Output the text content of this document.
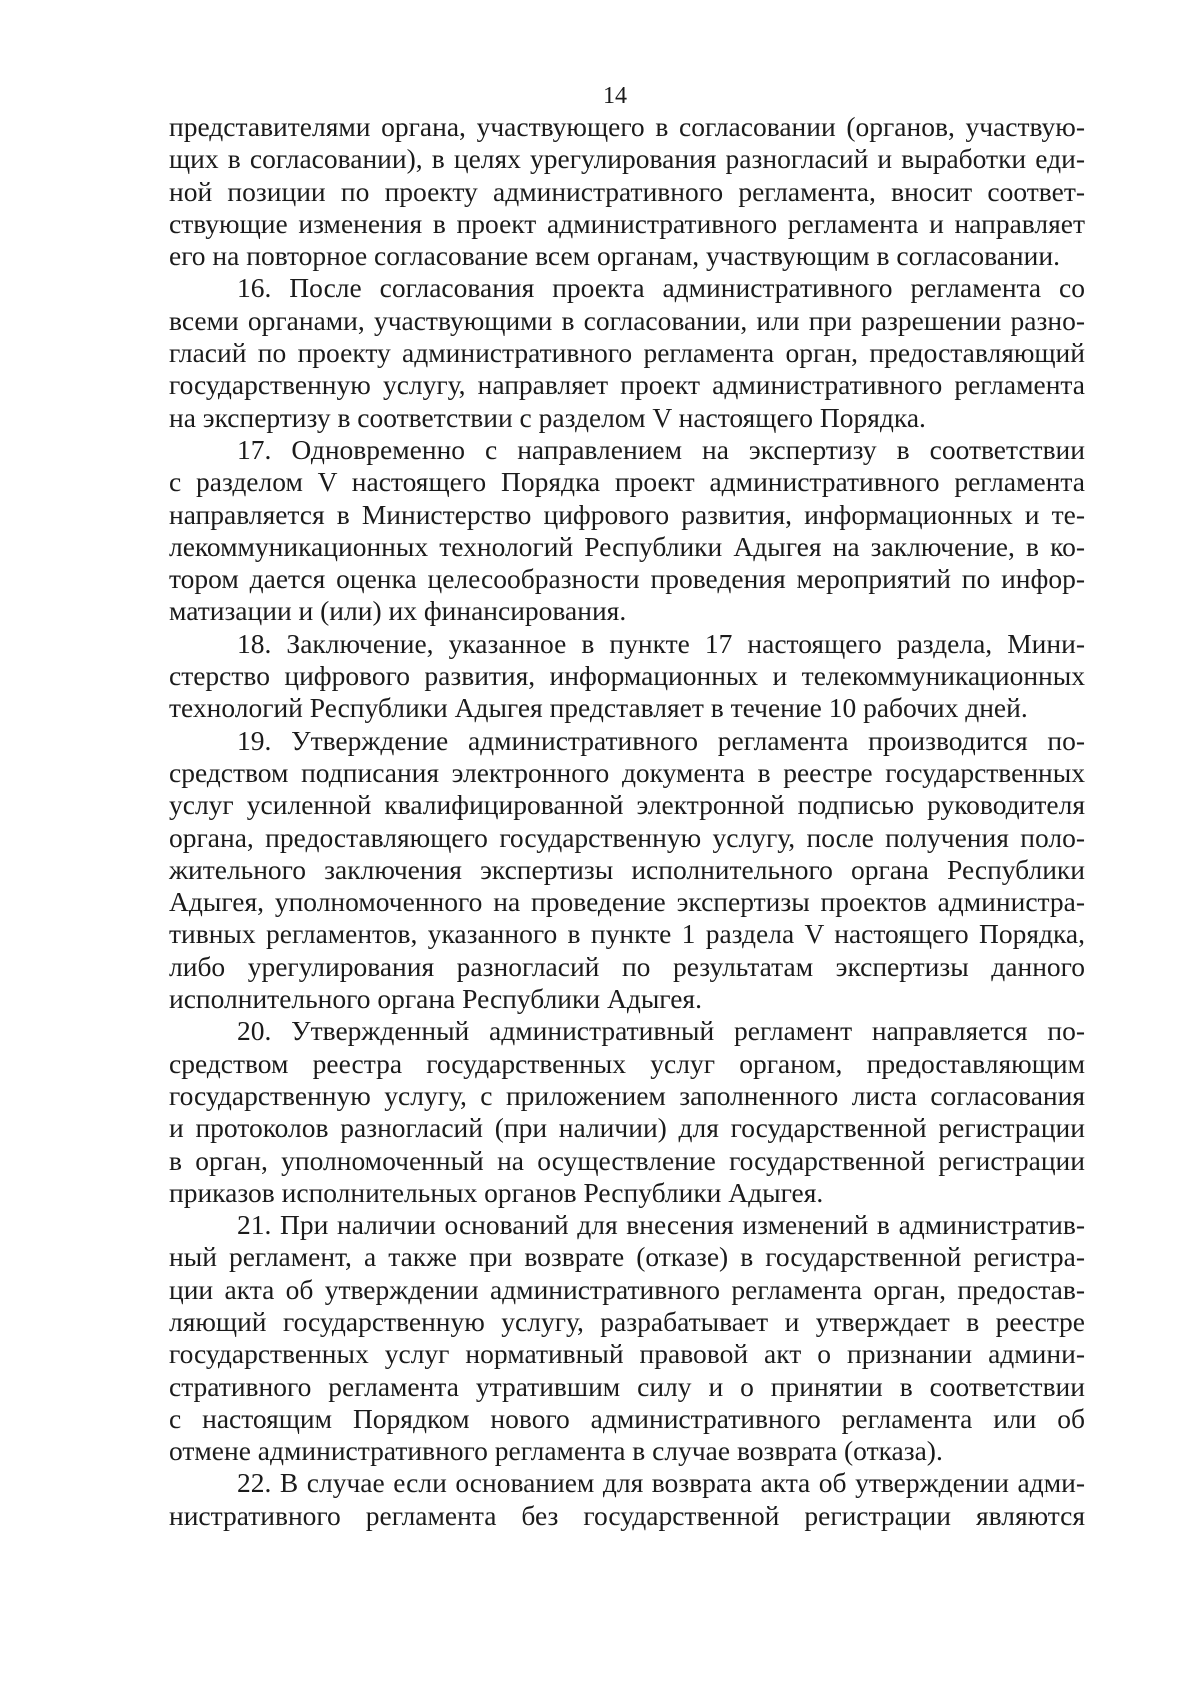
14
представителями органа, участвующего в согласовании (органов, участвую-
щих в согласовании), в целях урегулирования разногласий и выработки еди-
ной позиции по проекту административного регламента, вносит соответ-
ствующие изменения в проект административного регламента и направляет
его на повторное согласование всем органам, участвующим в согласовании.
16. После согласования проекта административного регламента со
всеми органами, участвующими в согласовании, или при разрешении разно-
гласий по проекту административного регламента орган, предоставляющий
государственную услугу, направляет проект административного регламента
на экспертизу в соответствии с разделом V настоящего Порядка.
17. Одновременно с направлением на экспертизу в соответствии
с разделом V настоящего Порядка проект административного регламента
направляется в Министерство цифрового развития, информационных и те-
лекоммуникационных технологий Республики Адыгея на заключение, в ко-
тором дается оценка целесообразности проведения мероприятий по инфор-
матизации и (или) их финансирования.
18. Заключение, указанное в пункте 17 настоящего раздела, Мини-
стерство цифрового развития, информационных и телекоммуникационных
технологий Республики Адыгея представляет в течение 10 рабочих дней.
19. Утверждение административного регламента производится по-
средством подписания электронного документа в реестре государственных
услуг усиленной квалифицированной электронной подписью руководителя
органа, предоставляющего государственную услугу, после получения поло-
жительного заключения экспертизы исполнительного органа Республики
Адыгея, уполномоченного на проведение экспертизы проектов администра-
тивных регламентов, указанного в пункте 1 раздела V настоящего Порядка,
либо урегулирования разногласий по результатам экспертизы данного
исполнительного органа Республики Адыгея.
20. Утвержденный административный регламент направляется по-
средством реестра государственных услуг органом, предоставляющим
государственную услугу, с приложением заполненного листа согласования
и протоколов разногласий (при наличии) для государственной регистрации
в орган, уполномоченный на осуществление государственной регистрации
приказов исполнительных органов Республики Адыгея.
21. При наличии оснований для внесения изменений в административ-
ный регламент, а также при возврате (отказе) в государственной регистра-
ции акта об утверждении административного регламента орган, предостав-
ляющий государственную услугу, разрабатывает и утверждает в реестре
государственных услуг нормативный правовой акт о признании админи-
стративного регламента утратившим силу и о принятии в соответствии
с настоящим Порядком нового административного регламента или об
отмене административного регламента в случае возврата (отказа).
22. В случае если основанием для возврата акта об утверждении адми-
нистративного регламента без государственной регистрации являются
